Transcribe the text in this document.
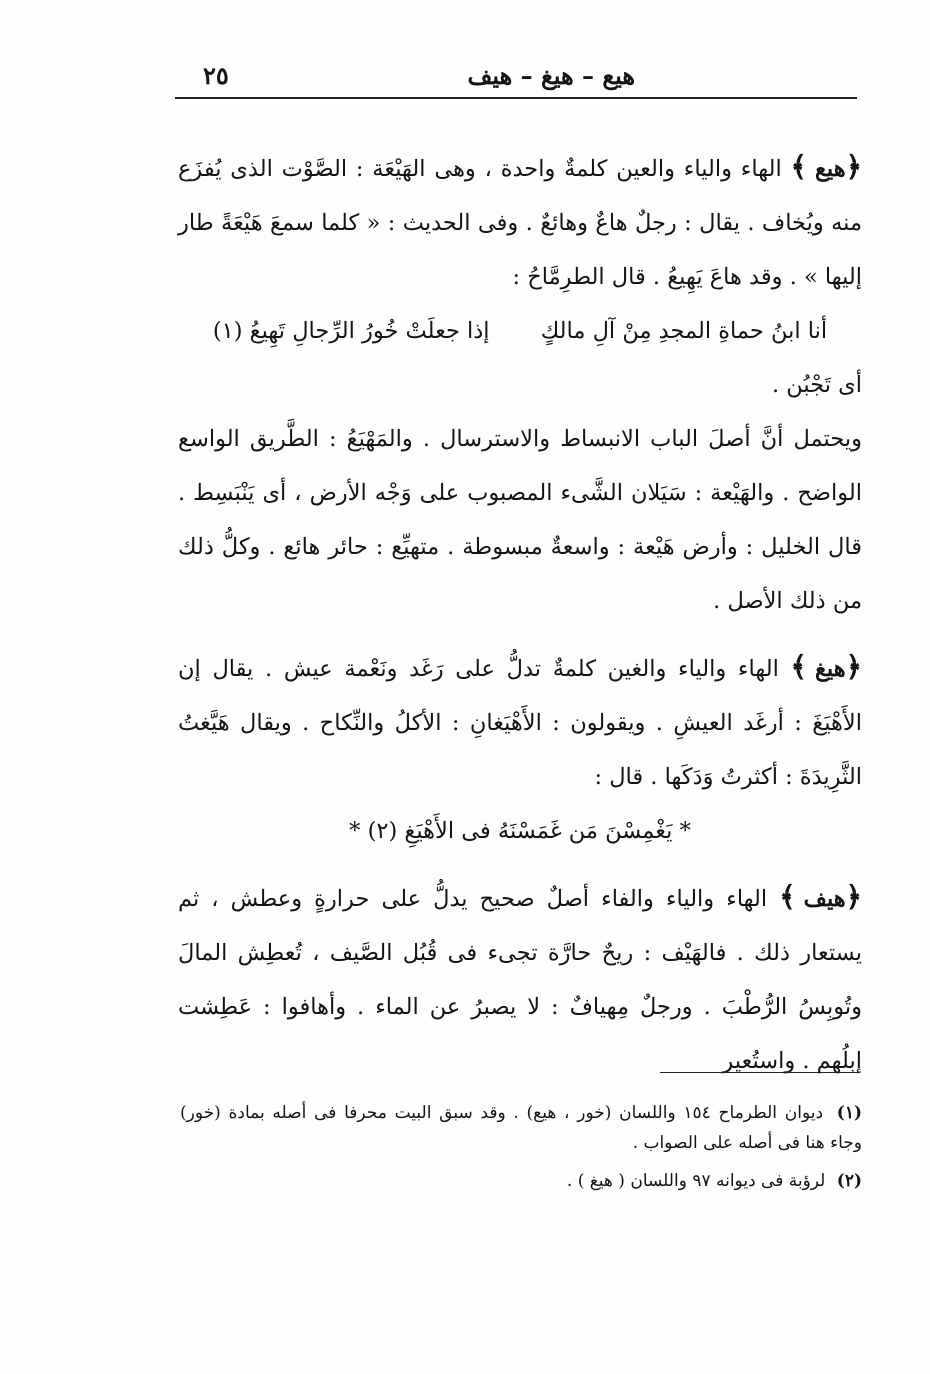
هيع – هيغ – هيف
٢٥

﴿هيع﴾ الهاء والياء والعين كلمةٌ واحدة ، وهى الهَيْعَة : الصَّوْت الذى يُفزَع منه ويُخاف . يقال : رجلٌ هاعٌ وهائعٌ . وفى الحديث : « كلما سمعَ هَيْعَةً طار إليها » . وقد هاعَ يَهِيعُ . قال الطرِمَّاحُ :

أنا ابنُ حماةِ المجدِ مِنْ آلِ مالكٍ إذا جعلَتْ خُورُ الرِّجالِ تَهِيعُ (١)

أى تَجْبُن .

ويحتمل أنَّ أصلَ الباب الانبساط والاسترسال . والمَهْيَعُ : الطَّريق الواسع الواضح . والهَيْعة : سَيَلان الشَّىء المصبوب على وَجْه الأرض ، أى يَنْبَسِط . قال الخليل : وأرض هَيْعة : واسعةٌ مبسوطة . متهيِّع : حائر هائع . وكلُّ ذلك من ذلك الأصل .

﴿هيغ﴾ الهاء والياء والغين كلمةٌ تدلُّ على رَغَد ونَعْمة عيش . يقال إن الأَهْيَغَ : أرغَد العيشِ . ويقولون : الأَهْيَغانِ : الأكلُ والنِّكاح . ويقال هَيَّغتُ الثَّرِيدَةَ : أكثرتُ وَدَكَها . قال :

* يَغْمِسْنَ مَن غَمَسْنَهُ فى الأَهْيَغِ (٢) *

﴿هيف﴾ الهاء والياء والفاء أصلٌ صحيح يدلُّ على حرارةٍ وعطش ، ثم يستعار ذلك . فالهَيْف : ريحٌ حارَّة تجىء فى قُبُل الصَّيف ، تُعطِش المالَ وتُوبِسُ الرُّطْبَ . ورجلٌ مِهيافٌ : لا يصبرُ عن الماء . وأهافوا : عَطِشت إبلُهم . واستُعير

(١) ديوان الطرماح ١٥٤ واللسان (خور ، هيع) . وقد سبق البيت محرفا فى أصله بمادة (خور) وجاء هنا فى أصله على الصواب .

(٢) لرؤبة فى ديوانه ٩٧ واللسان ( هيغ ) .
